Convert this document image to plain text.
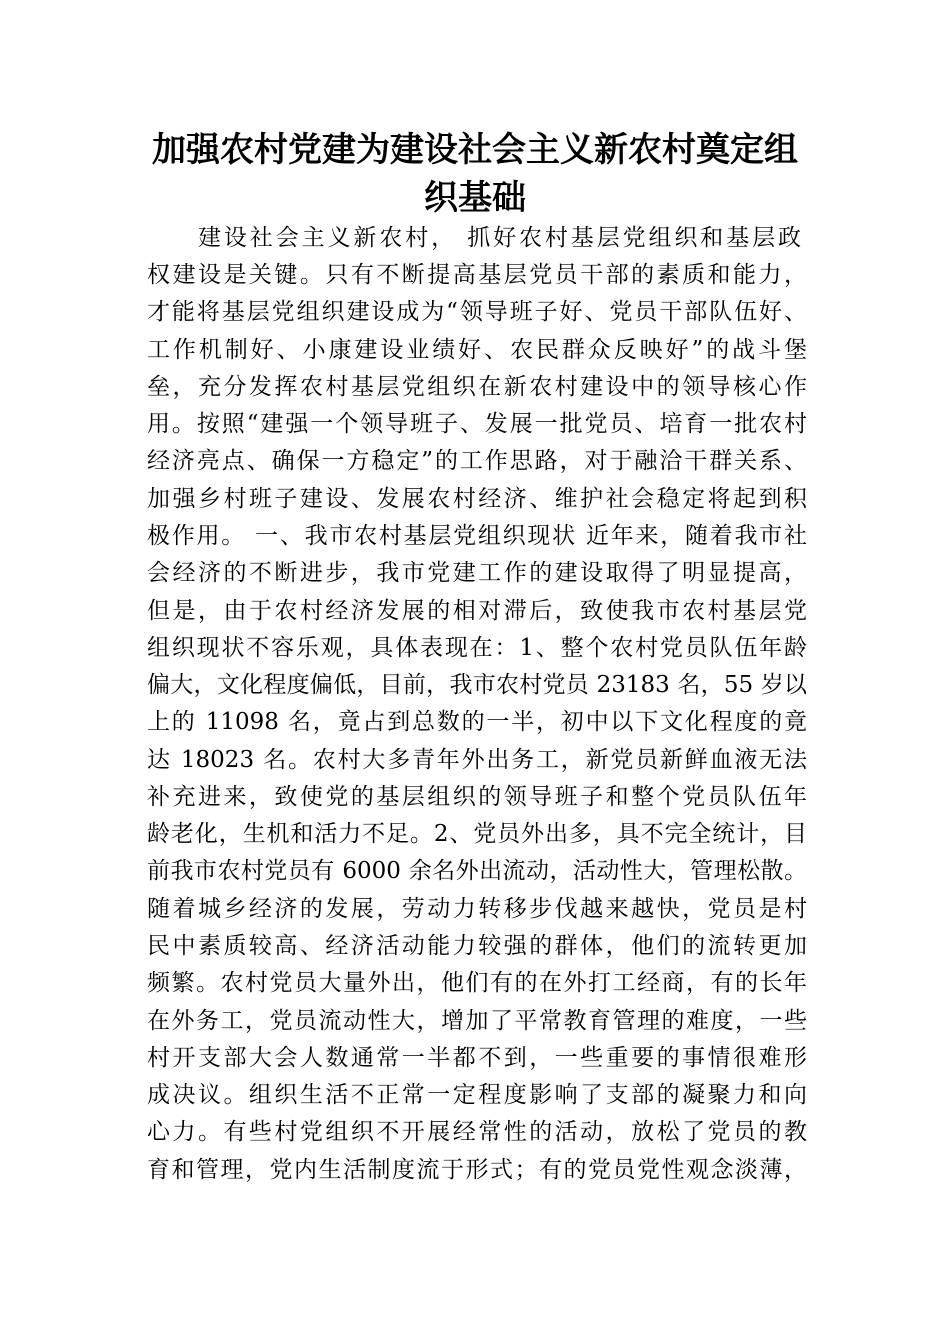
加强农村党建为建设社会主义新农村奠定组
织基础
建设社会主义新农村， 抓好农村基层党组织和基层政
权建设是关键。只有不断提高基层党员干部的素质和能力，
才能将基层党组织建设成为“领导班子好、党员干部队伍好、
工作机制好、小康建设业绩好、农民群众反映好”的战斗堡
垒，充分发挥农村基层党组织在新农村建设中的领导核心作
用。按照“建强一个领导班子、发展一批党员、培育一批农村
经济亮点、确保一方稳定”的工作思路，对于融洽干群关系、
加强乡村班子建设、发展农村经济、维护社会稳定将起到积
极作用。 一、我市农村基层党组织现状 近年来，随着我市社
会经济的不断进步，我市党建工作的建设取得了明显提高，
但是，由于农村经济发展的相对滞后，致使我市农村基层党
组织现状不容乐观，具体表现在：1、整个农村党员队伍年龄
偏大，文化程度偏低，目前，我市农村党员 23183 名，55 岁以
上的 11098 名，竟占到总数的一半，初中以下文化程度的竟
达 18023 名。农村大多青年外出务工，新党员新鲜血液无法
补充进来，致使党的基层组织的领导班子和整个党员队伍年
龄老化，生机和活力不足。2、党员外出多，具不完全统计，目
前我市农村党员有 6000 余名外出流动，活动性大，管理松散。
随着城乡经济的发展，劳动力转移步伐越来越快，党员是村
民中素质较高、经济活动能力较强的群体，他们的流转更加
频繁。农村党员大量外出，他们有的在外打工经商，有的长年
在外务工，党员流动性大，增加了平常教育管理的难度，一些
村开支部大会人数通常一半都不到，一些重要的事情很难形
成决议。组织生活不正常一定程度影响了支部的凝聚力和向
心力。有些村党组织不开展经常性的活动，放松了党员的教
育和管理，党内生活制度流于形式；有的党员党性观念淡薄，
